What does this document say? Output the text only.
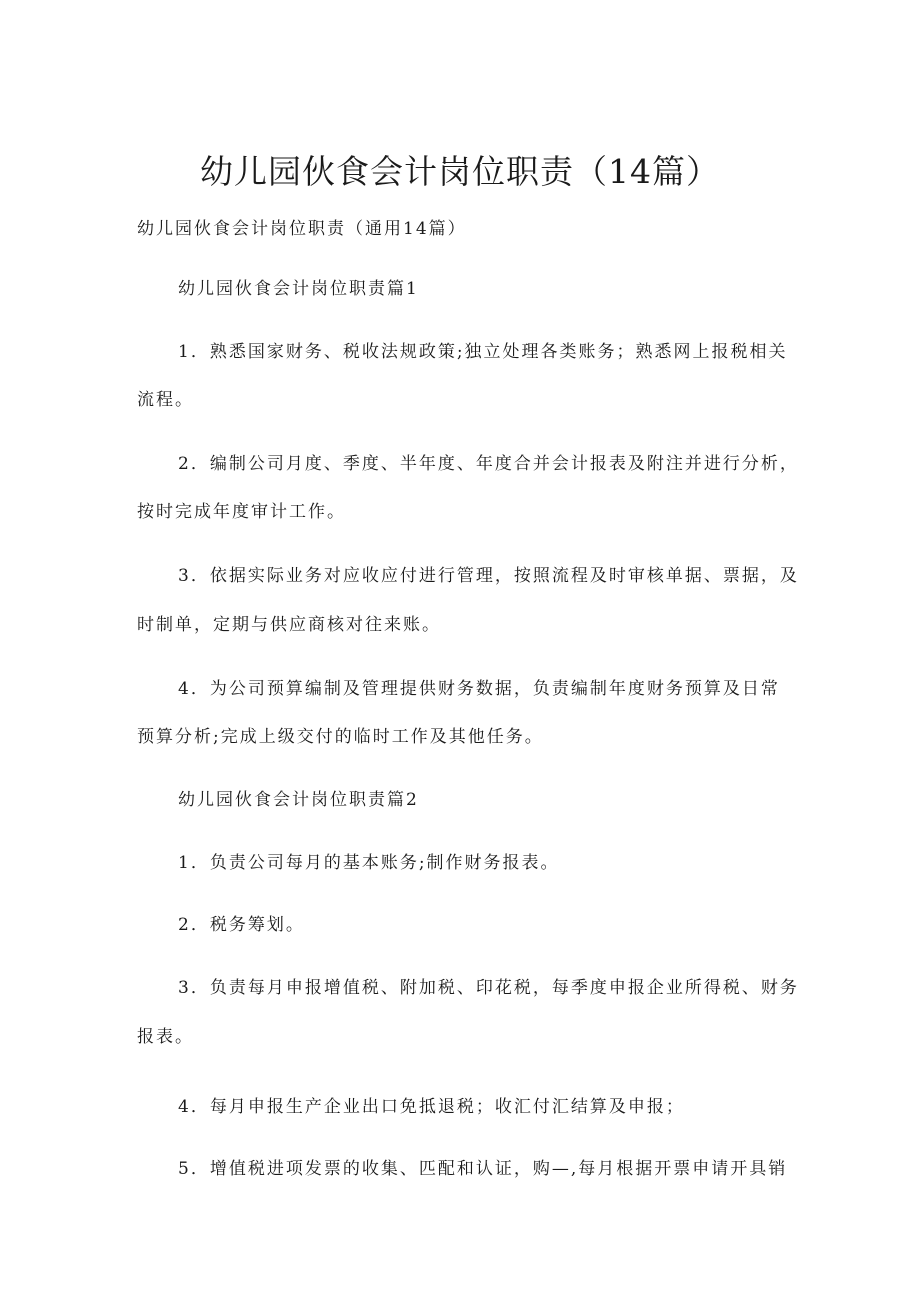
幼儿园伙食会计岗位职责（14篇）
幼儿园伙食会计岗位职责（通用14篇）
幼儿园伙食会计岗位职责篇1
1．熟悉国家财务、税收法规政策;独立处理各类账务；熟悉网上报税相关
流程。
2．编制公司月度、季度、半年度、年度合并会计报表及附注并进行分析，
按时完成年度审计工作。
3．依据实际业务对应收应付进行管理，按照流程及时审核单据、票据，及
时制单，定期与供应商核对往来账。
4．为公司预算编制及管理提供财务数据，负责编制年度财务预算及日常
预算分析;完成上级交付的临时工作及其他任务。
幼儿园伙食会计岗位职责篇2
1．负责公司每月的基本账务;制作财务报表。
2．税务筹划。
3．负责每月申报增值税、附加税、印花税，每季度申报企业所得税、财务
报表。
4．每月申报生产企业出口免抵退税；收汇付汇结算及申报；
5．增值税进项发票的收集、匹配和认证，购—,每月根据开票申请开具销
